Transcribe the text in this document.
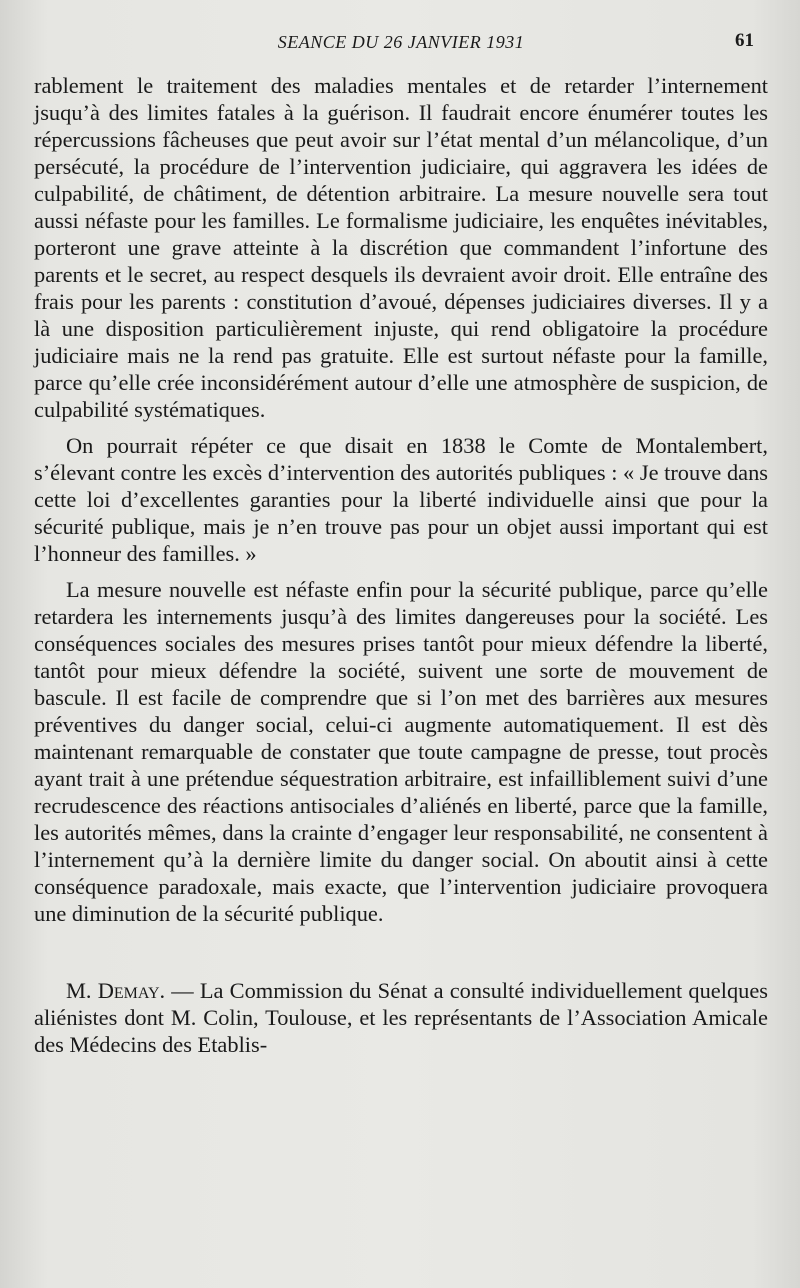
SEANCE DU 26 JANVIER 1931	61

rablement le traitement des maladies mentales et de retarder l’internement jsuqu’à des limites fatales à la guérison. Il faudrait encore énumérer toutes les répercussions fâcheuses que peut avoir sur l’état mental d’un mélancolique, d’un persécuté, la procédure de l’intervention judiciaire, qui aggravera les idées de culpabilité, de châtiment, de détention arbitraire. La mesure nouvelle sera tout aussi néfaste pour les familles. Le formalisme judiciaire, les enquêtes inévitables, porteront une grave atteinte à la discrétion que commandent l’infortune des parents et le secret, au respect desquels ils devraient avoir droit. Elle entraîne des frais pour les parents : constitution d’avoué, dépenses judiciaires diverses. Il y a là une disposition particulièrement injuste, qui rend obligatoire la procédure judiciaire mais ne la rend pas gratuite. Elle est surtout néfaste pour la famille, parce qu’elle crée inconsidérément autour d’elle une atmosphère de suspicion, de culpabilité systématiques.

On pourrait répéter ce que disait en 1838 le Comte de Montalembert, s’élevant contre les excès d’intervention des autorités publiques : « Je trouve dans cette loi d’excellentes garanties pour la liberté individuelle ainsi que pour la sécurité publique, mais je n’en trouve pas pour un objet aussi important qui est l’honneur des familles. »

La mesure nouvelle est néfaste enfin pour la sécurité publique, parce qu’elle retardera les internements jusqu’à des limites dangereuses pour la société. Les conséquences sociales des mesures prises tantôt pour mieux défendre la liberté, tantôt pour mieux défendre la société, suivent une sorte de mouvement de bascule. Il est facile de comprendre que si l’on met des barrières aux mesures préventives du danger social, celui-ci augmente automatiquement. Il est dès maintenant remarquable de constater que toute campagne de presse, tout procès ayant trait à une prétendue séquestration arbitraire, est infailliblement suivi d’une recrudescence des réactions antisociales d’aliénés en liberté, parce que la famille, les autorités mêmes, dans la crainte d’engager leur responsabilité, ne consentent à l’internement qu’à la dernière limite du danger social. On aboutit ainsi à cette conséquence paradoxale, mais exacte, que l’intervention judiciaire provoquera une diminution de la sécurité publique.

M. Demay. — La Commission du Sénat a consulté individuellement quelques aliénistes dont M. Colin, Toulouse, et les représentants de l’Association Amicale des Médecins des Etablis-
